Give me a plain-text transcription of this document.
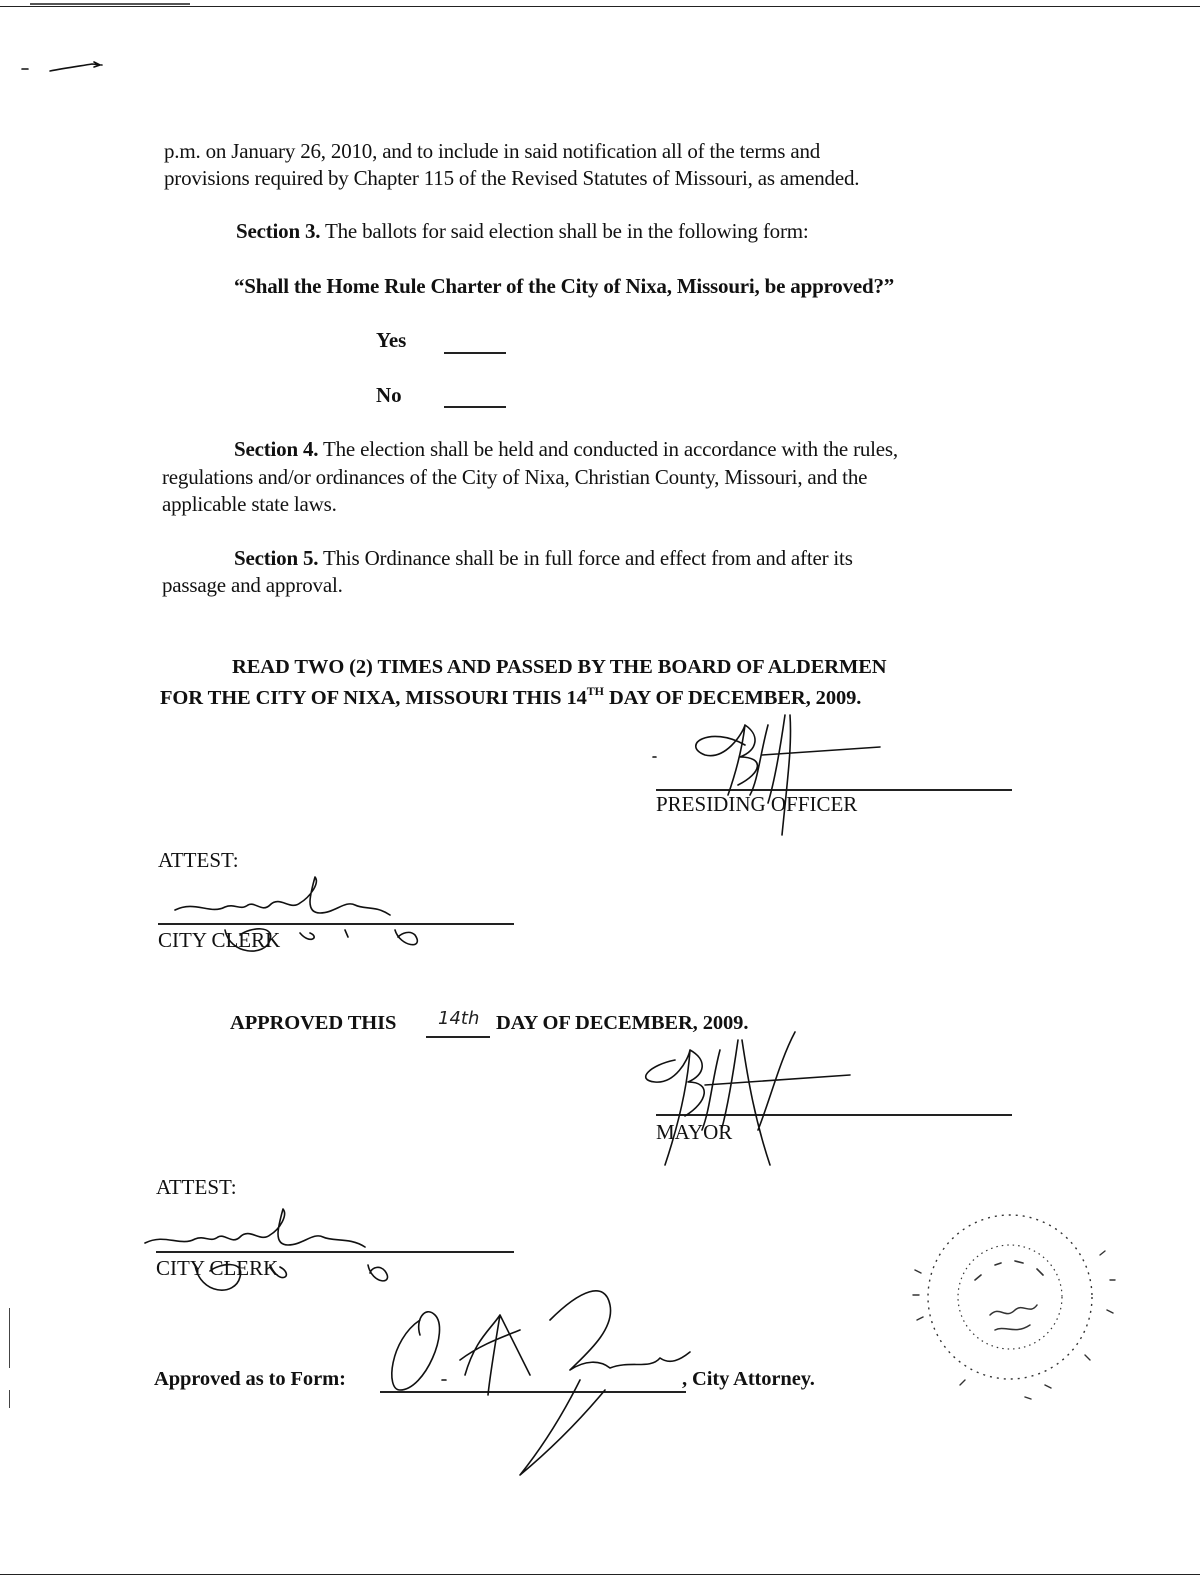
p.m. on January 26, 2010, and to include in said notification all of the terms and
provisions required by Chapter 115 of the Revised Statutes of Missouri, as amended.
Section 3. The ballots for said election shall be in the following form:
“Shall the Home Rule Charter of the City of Nixa, Missouri, be approved?”
Yes
No
Section 4. The election shall be held and conducted in accordance with the rules,
regulations and/or ordinances of the City of Nixa, Christian County, Missouri, and the
applicable state laws.
Section 5. This Ordinance shall be in full force and effect from and after its
passage and approval.
READ TWO (2) TIMES AND PASSED BY THE BOARD OF ALDERMEN
FOR THE CITY OF NIXA, MISSOURI THIS 14TH DAY OF DECEMBER, 2009.
PRESIDING OFFICER
ATTEST:
CITY CLERK
APPROVED THIS 14th DAY OF DECEMBER, 2009.
MAYOR
ATTEST:
CITY CLERK
Approved as to Form:	, City Attorney.
CITY OF NIXA SEAL 1902
